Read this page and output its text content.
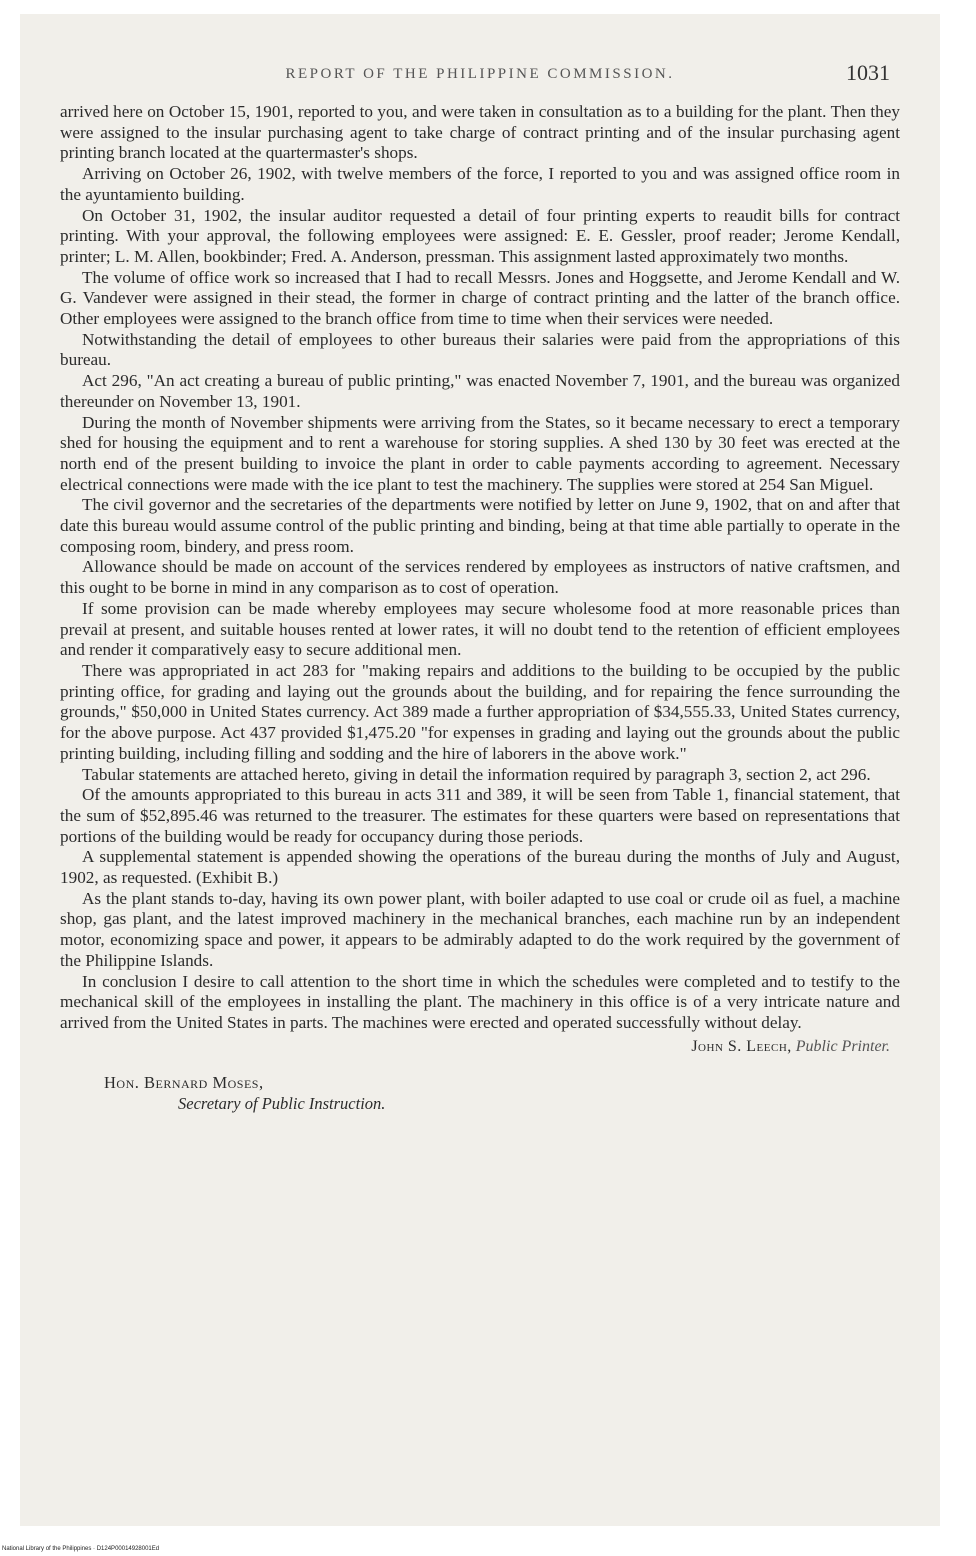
REPORT OF THE PHILIPPINE COMMISSION.	1031

arrived here on October 15, 1901, reported to you, and were taken in consultation as to a building for the plant. Then they were assigned to the insular purchasing agent to take charge of contract printing and of the insular purchasing agent printing branch located at the quartermaster's shops.

Arriving on October 26, 1902, with twelve members of the force, I reported to you and was assigned office room in the ayuntamiento building.

On October 31, 1902, the insular auditor requested a detail of four printing experts to reaudit bills for contract printing. With your approval, the following employees were assigned: E. E. Gessler, proof reader; Jerome Kendall, printer; L. M. Allen, bookbinder; Fred. A. Anderson, pressman. This assignment lasted approximately two months.

The volume of office work so increased that I had to recall Messrs. Jones and Hoggsette, and Jerome Kendall and W. G. Vandever were assigned in their stead, the former in charge of contract printing and the latter of the branch office. Other employees were assigned to the branch office from time to time when their services were needed.

Notwithstanding the detail of employees to other bureaus their salaries were paid from the appropriations of this bureau.

Act 296, "An act creating a bureau of public printing," was enacted November 7, 1901, and the bureau was organized thereunder on November 13, 1901.

During the month of November shipments were arriving from the States, so it became necessary to erect a temporary shed for housing the equipment and to rent a warehouse for storing supplies. A shed 130 by 30 feet was erected at the north end of the present building to invoice the plant in order to cable payments according to agreement. Necessary electrical connections were made with the ice plant to test the machinery. The supplies were stored at 254 San Miguel.

The civil governor and the secretaries of the departments were notified by letter on June 9, 1902, that on and after that date this bureau would assume control of the public printing and binding, being at that time able partially to operate in the composing room, bindery, and press room.

Allowance should be made on account of the services rendered by employees as instructors of native craftsmen, and this ought to be borne in mind in any comparison as to cost of operation.

If some provision can be made whereby employees may secure wholesome food at more reasonable prices than prevail at present, and suitable houses rented at lower rates, it will no doubt tend to the retention of efficient employees and render it comparatively easy to secure additional men.

There was appropriated in act 283 for "making repairs and additions to the building to be occupied by the public printing office, for grading and laying out the grounds about the building, and for repairing the fence surrounding the grounds," $50,000 in United States currency. Act 389 made a further appropriation of $34,555.33, United States currency, for the above purpose. Act 437 provided $1,475.20 "for expenses in grading and laying out the grounds about the public printing building, including filling and sodding and the hire of laborers in the above work."

Tabular statements are attached hereto, giving in detail the information required by paragraph 3, section 2, act 296.

Of the amounts appropriated to this bureau in acts 311 and 389, it will be seen from Table 1, financial statement, that the sum of $52,895.46 was returned to the treasurer. The estimates for these quarters were based on representations that portions of the building would be ready for occupancy during those periods.

A supplemental statement is appended showing the operations of the bureau during the months of July and August, 1902, as requested. (Exhibit B.)

As the plant stands to-day, having its own power plant, with boiler adapted to use coal or crude oil as fuel, a machine shop, gas plant, and the latest improved machinery in the mechanical branches, each machine run by an independent motor, economizing space and power, it appears to be admirably adapted to do the work required by the government of the Philippine Islands.

In conclusion I desire to call attention to the short time in which the schedules were completed and to testify to the mechanical skill of the employees in installing the plant. The machinery in this office is of a very intricate nature and arrived from the United States in parts. The machines were erected and operated successfully without delay.

John S. Leech, Public Printer.
Hon. Bernard Moses,
Secretary of Public Instruction.
National Library of the Philippines · D124P00014928001Ed
